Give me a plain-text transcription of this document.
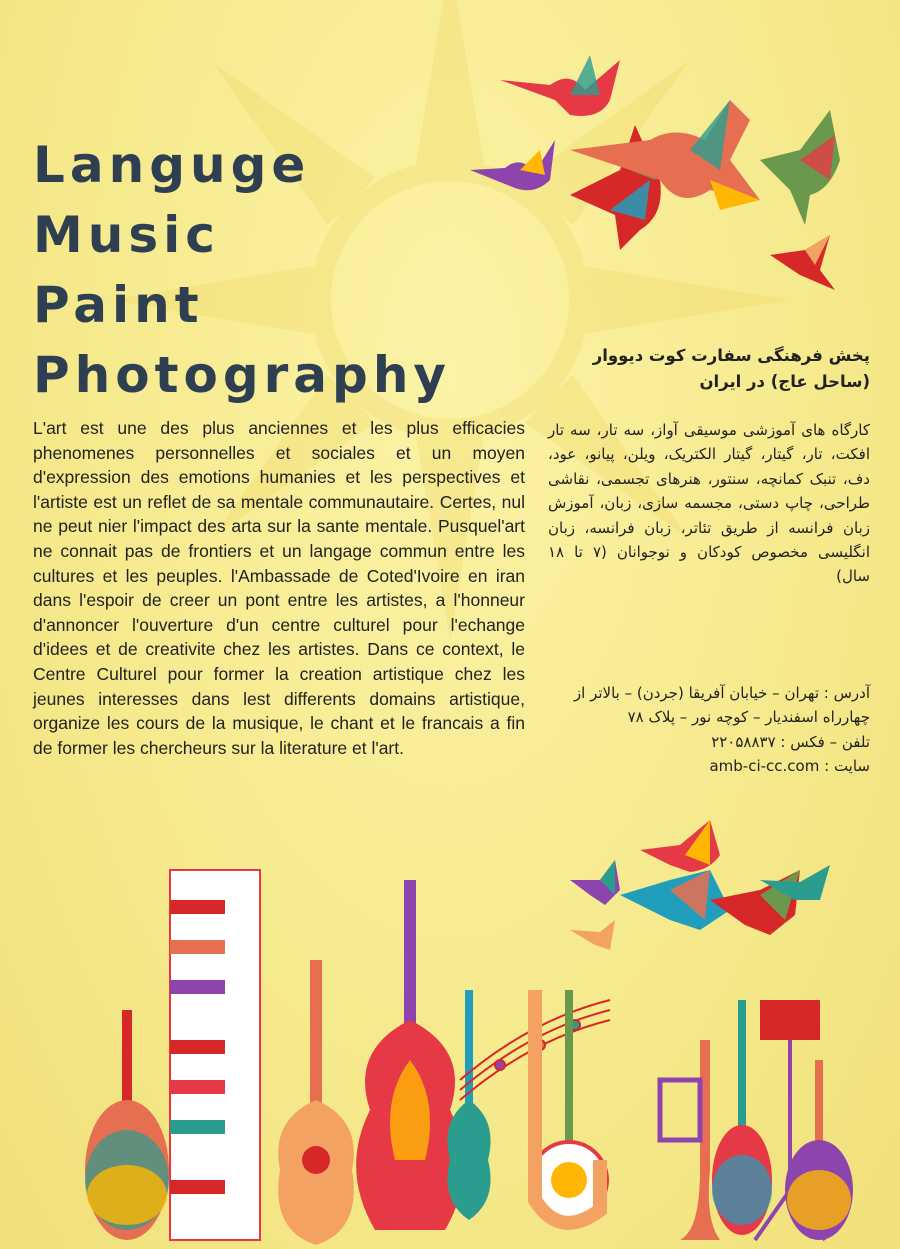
Languge
Music
Paint
Photography

L'art est une des plus anciennes et les plus efficacies phenomenes personnelles et sociales et un moyen d'expression des emotions humanies et les perspectives et l'artiste est un reflet de sa mentale communautaire. Certes, nul ne peut nier l'impact des arta sur la sante mentale. Pusquel'art ne connait pas de frontiers et un langage commun entre les cultures et les peuples. l'Ambassade de Coted'Ivoire en iran dans l'espoir de creer un pont entre les artistes, a l'honneur d'annoncer l'ouverture d'un centre culturel pour l'echange d'idees et de creativite chez les artistes. Dans ce context, le Centre Culturel pour former la creation artistique chez les jeunes interesses dans lest differents domains artistique, organize les cours de la musique, le chant et le francais a fin de former les chercheurs sur la literature et l'art.

پخش فرهنگی سفارت کوت دیووار
(ساحل عاج) در ایران

کارگاه های آموزشی موسیقی آواز، سه تار، سه تار افکت، تار، گیتار، گیتار الکتریک، ویلن، پیانو، عود، دف، تنبک کمانچه، سنتور، هنرهای تجسمی، نقاشی طراحی، چاپ دستی، مجسمه سازی، زبان، آموزش زبان فرانسه از طریق تئاتر، زبان فرانسه، زبان انگلیسی مخصوص کودکان و نوجوانان (۷ تا ۱۸ سال)

آدرس : تهران – خیابان آفریقا (جردن) – بالاتر از چهارراه اسفندیار – کوچه نور – پلاک ۷۸
تلفن – فکس : ۲۲۰۵۸۸۳۷
سایت : amb-ci-cc.com
